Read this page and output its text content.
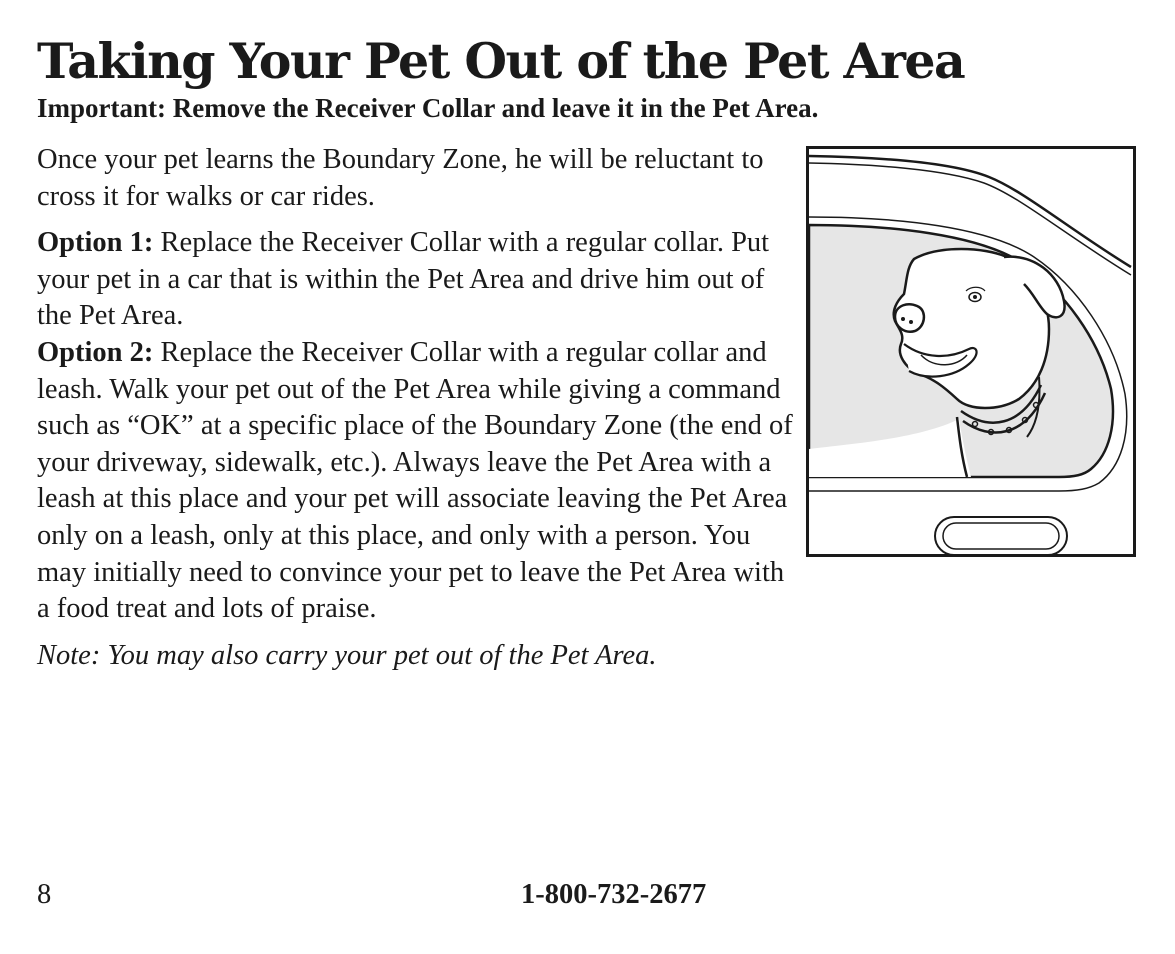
Taking Your Pet Out of the Pet Area
Important: Remove the Receiver Collar and leave it in the Pet Area.

Once your pet learns the Boundary Zone, he will be reluctant to cross it for walks or car rides.

Option 1: Replace the Receiver Collar with a regular collar. Put your pet in a car that is within the Pet Area and drive him out of the Pet Area.

Option 2: Replace the Receiver Collar with a regular collar and leash. Walk your pet out of the Pet Area while giving a command such as “OK” at a specific place of the Boundary Zone (the end of your driveway, sidewalk, etc.). Always leave the Pet Area with a leash at this place and your pet will associate leaving the Pet Area only on a leash, only at this place, and only with a person. You may initially need to convince your pet to leave the Pet Area with a food treat and lots of praise.

Note: You may also carry your pet out of the Pet Area.

8	1-800-732-2677
